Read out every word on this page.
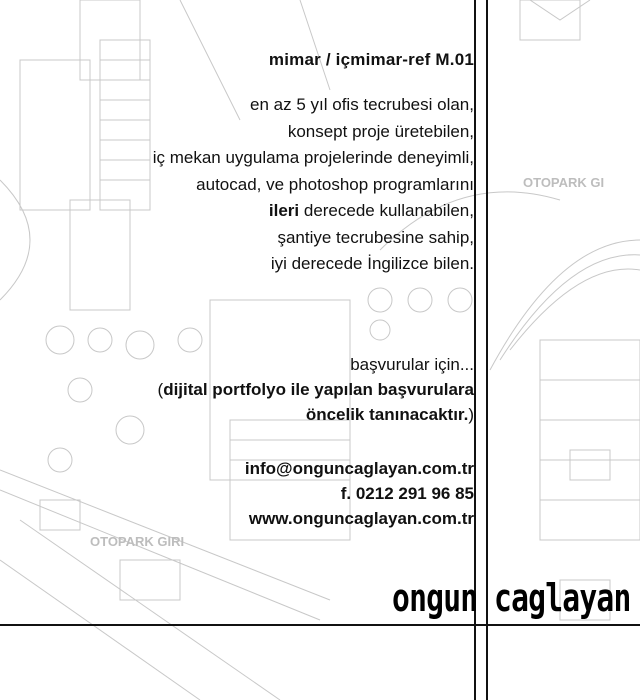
OTOPARK GI
OTOPARK GIRI
mimar / içmimar-ref M.01
en az 5 yıl ofis tecrubesi olan,
konsept proje üretebilen,
iç mekan uygulama projelerinde deneyimli,
autocad, ve photoshop programlarını
ileri derecede kullanabilen,
şantiye tecrubesine sahip,
iyi derecede İngilizce bilen.
başvurular için...
(dijital portfolyo ile yapılan başvurulara
öncelik tanınacaktır.)
info@onguncaglayan.com.tr
f. 0212 291 96 85
www.onguncaglayan.com.tr
ongun caglayan
